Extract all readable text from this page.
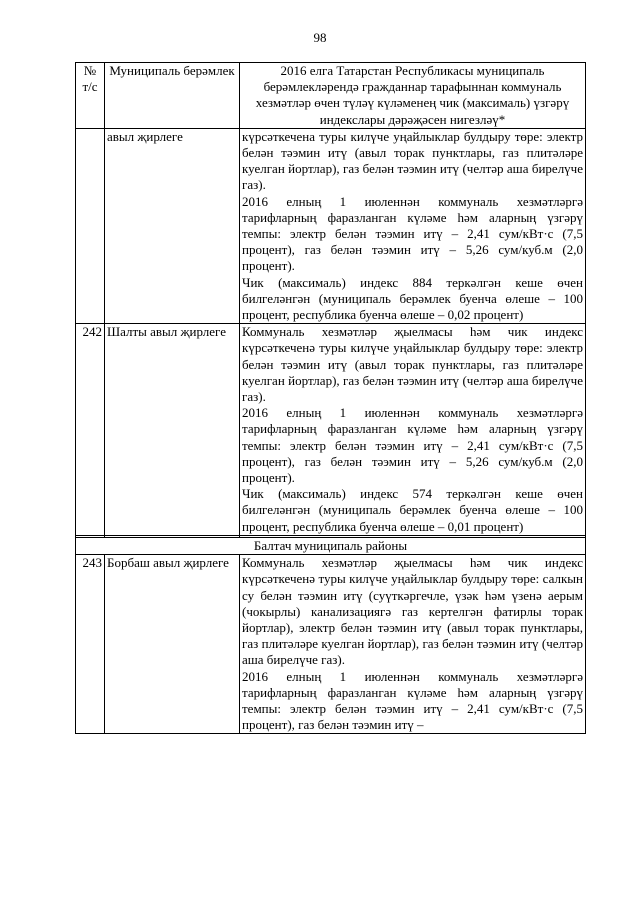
98
№ т/с	Муниципаль берәмлек	2016 елга Татарстан Республикасы муниципаль берәмлекләрендә гражданнар тарафыннан коммуналь хезмәтләр өчен түләү күләменең чик (максималь) үзгәрү индекслары дәрәҗәсен нигезләү*
	авыл җирлеге	күрсәткечена туры килүче уңайлыклар булдыру төре: электр белән тәэмин итү (авыл торак пунктлары, газ плитәләре куелган йортлар), газ белән тәэмин итү (челтәр аша бирелүче газ).

2016 елның 1 июленнән коммуналь хезмәтләргә тарифларның фаразланган күләме һәм аларның үзгәрү темпы: электр белән тәэмин итү – 2,41 сум/кВт·с (7,5 процент), газ белән тәэмин итү – 5,26 сум/куб.м (2,0 процент).

Чик (максималь) индекс 884 теркәлгән кеше өчен билгеләнгән (муниципаль берәмлек буенча өлеше – 100 процент, республика буенча өлеше – 0,02 процент)

242	Шалты авыл җирлеге	Коммуналь хезмәтләр җыелмасы һәм чик индекс күрсәткеченә туры килүче уңайлыклар булдыру төре: электр белән тәэмин итү (авыл торак пунктлары, газ плитәләре куелган йортлар), газ белән тәэмин итү (челтәр аша бирелүче газ).

2016 елның 1 июленнән коммуналь хезмәтләргә тарифларның фаразланган күләме һәм аларның үзгәрү темпы: электр белән тәэмин итү – 2,41 сум/кВт·с (7,5 процент), газ белән тәэмин итү – 5,26 сум/куб.м (2,0 процент).

Чик (максималь) индекс 574 теркәлгән кеше өчен билгеләнгән (муниципаль берәмлек буенча өлеше – 100 процент, республика буенча өлеше – 0,01 процент)

Балтач муниципаль районы		
243	Борбаш авыл җирлеге	Коммуналь хезмәтләр җыелмасы һәм чик индекс күрсәткеченә туры килүче уңайлыклар булдыру төре: салкын су белән тәэмин итү (суүткәргечле, үзәк һәм үзенә аерым (чокырлы) канализациягә газ кертелгән фатирлы торак йортлар), электр белән тәэмин итү (авыл торак пунктлары, газ плитәләре куелган йортлар), газ белән тәэмин итү (челтәр аша бирелүче газ).

2016 елның 1 июленнән коммуналь хезмәтләргә тарифларның фаразланган күләме һәм аларның үзгәрү темпы: электр белән тәэмин итү – 2,41 сум/кВт·с (7,5 процент), газ белән тәэмин итү –
